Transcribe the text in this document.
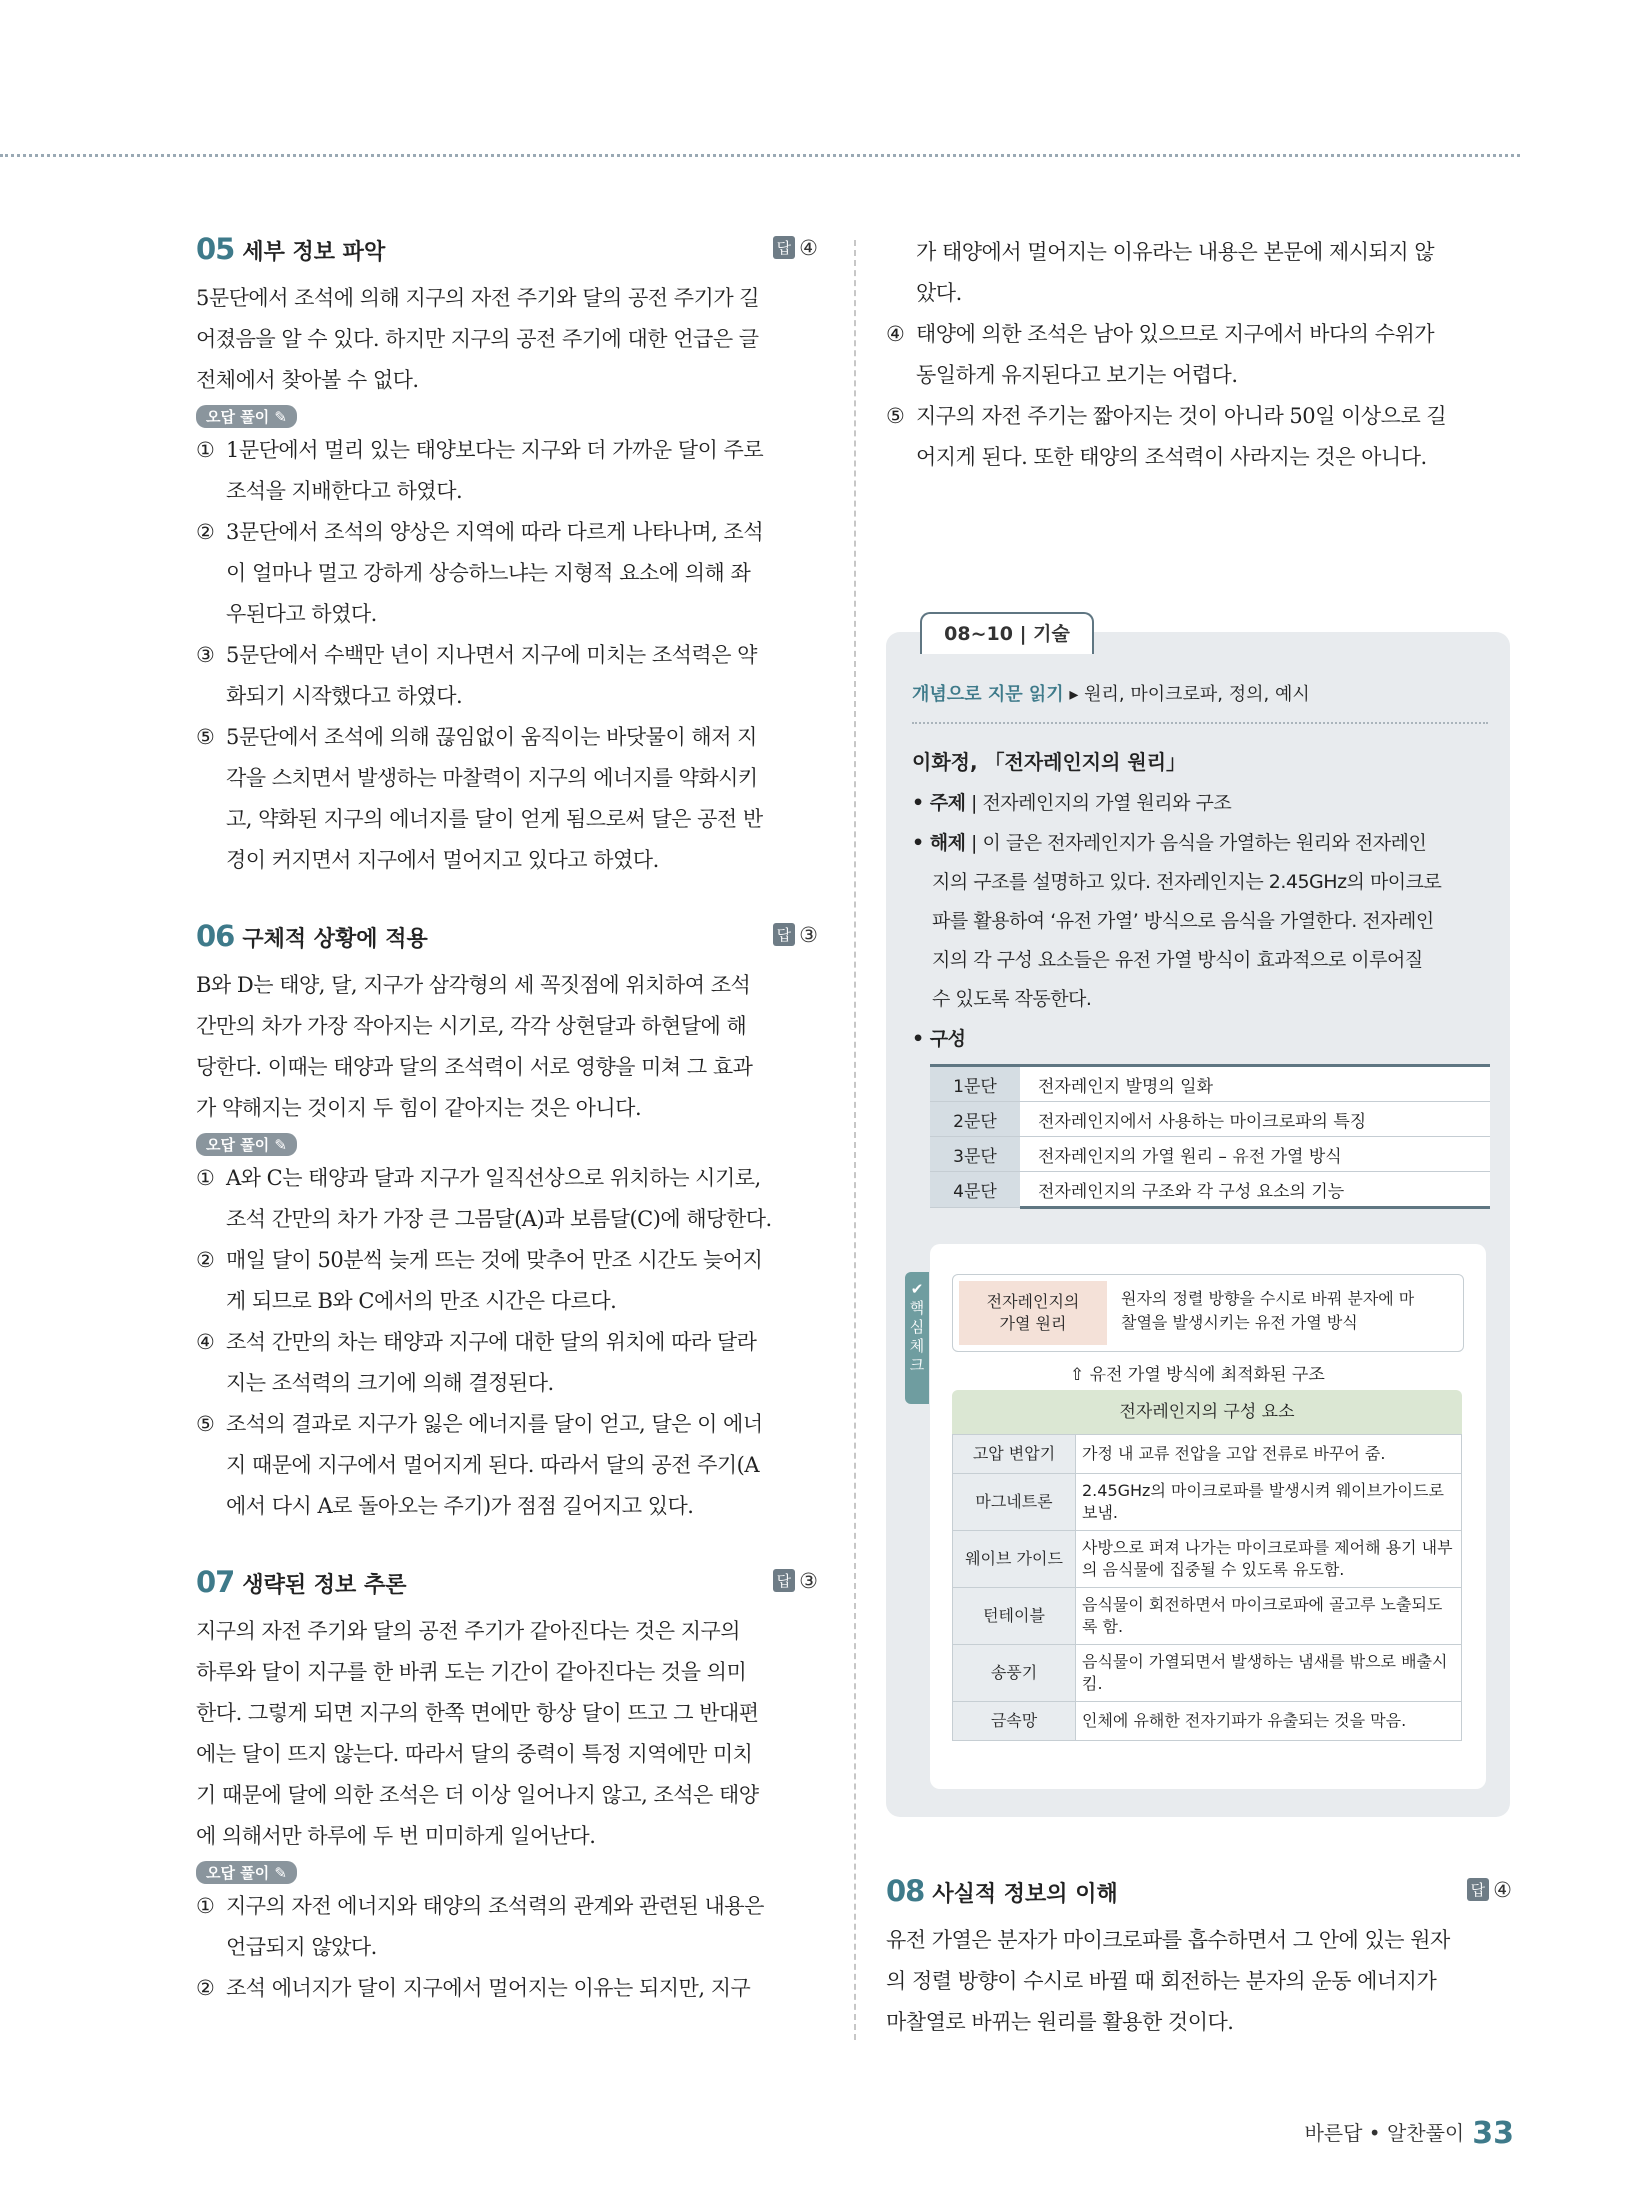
05 세부 정보 파악	답 ④

5문단에서 조석에 의해 지구의 자전 주기와 달의 공전 주기가 길

어졌음을 알 수 있다. 하지만 지구의 공전 주기에 대한 언급은 글

전체에서 찾아볼 수 없다.

오답 풀이 ✎
① 1문단에서 멀리 있는 태양보다는 지구와 더 가까운 달이 주로
조석을 지배한다고 하였다.
② 3문단에서 조석의 양상은 지역에 따라 다르게 나타나며, 조석
이 얼마나 멀고 강하게 상승하느냐는 지형적 요소에 의해 좌
우된다고 하였다.
③ 5문단에서 수백만 년이 지나면서 지구에 미치는 조석력은 약
화되기 시작했다고 하였다.
⑤ 5문단에서 조석에 의해 끊임없이 움직이는 바닷물이 해저 지
각을 스치면서 발생하는 마찰력이 지구의 에너지를 약화시키
고, 약화된 지구의 에너지를 달이 얻게 됨으로써 달은 공전 반
경이 커지면서 지구에서 멀어지고 있다고 하였다.
06 구체적 상황에 적용	답 ③

B와 D는 태양, 달, 지구가 삼각형의 세 꼭짓점에 위치하여 조석

간만의 차가 가장 작아지는 시기로, 각각 상현달과 하현달에 해

당한다. 이때는 태양과 달의 조석력이 서로 영향을 미쳐 그 효과

가 약해지는 것이지 두 힘이 같아지는 것은 아니다.

오답 풀이 ✎
① A와 C는 태양과 달과 지구가 일직선상으로 위치하는 시기로,
조석 간만의 차가 가장 큰 그믐달(A)과 보름달(C)에 해당한다.
② 매일 달이 50분씩 늦게 뜨는 것에 맞추어 만조 시간도 늦어지
게 되므로 B와 C에서의 만조 시간은 다르다.
④ 조석 간만의 차는 태양과 지구에 대한 달의 위치에 따라 달라
지는 조석력의 크기에 의해 결정된다.
⑤ 조석의 결과로 지구가 잃은 에너지를 달이 얻고, 달은 이 에너
지 때문에 지구에서 멀어지게 된다. 따라서 달의 공전 주기(A
에서 다시 A로 돌아오는 주기)가 점점 길어지고 있다.
07 생략된 정보 추론	답 ③

지구의 자전 주기와 달의 공전 주기가 같아진다는 것은 지구의

하루와 달이 지구를 한 바퀴 도는 기간이 같아진다는 것을 의미

한다. 그렇게 되면 지구의 한쪽 면에만 항상 달이 뜨고 그 반대편

에는 달이 뜨지 않는다. 따라서 달의 중력이 특정 지역에만 미치

기 때문에 달에 의한 조석은 더 이상 일어나지 않고, 조석은 태양

에 의해서만 하루에 두 번 미미하게 일어난다.

오답 풀이 ✎
① 지구의 자전 에너지와 태양의 조석력의 관계와 관련된 내용은
언급되지 않았다.
② 조석 에너지가 달이 지구에서 멀어지는 이유는 되지만, 지구
가 태양에서 멀어지는 이유라는 내용은 본문에 제시되지 않
았다.
④ 태양에 의한 조석은 남아 있으므로 지구에서 바다의 수위가
동일하게 유지된다고 보기는 어렵다.
⑤ 지구의 자전 주기는 짧아지는 것이 아니라 50일 이상으로 길
어지게 된다. 또한 태양의 조석력이 사라지는 것은 아니다.
08~10 | 기술
개념으로 지문 읽기 ▸ 원리, 마이크로파, 정의, 예시
이화정, 「전자레인지의 원리」
• 주제 | 전자레인지의 가열 원리와 구조
• 해제 | 이 글은 전자레인지가 음식을 가열하는 원리와 전자레인
지의 구조를 설명하고 있다. 전자레인지는 2.45GHz의 마이크로
파를 활용하여 ‘유전 가열’ 방식으로 음식을 가열한다. 전자레인
지의 각 구성 요소들은 유전 가열 방식이 효과적으로 이루어질
수 있도록 작동한다.
• 구성
1문단	전자레인지 발명의 일화
2문단	전자레인지에서 사용하는 마이크로파의 특징
3문단	전자레인지의 가열 원리 – 유전 가열 방식
4문단	전자레인지의 구조와 각 구성 요소의 기능
✔
핵
심
체
크
전자레인지의
가열 원리
원자의 정렬 방향을 수시로 바꿔 분자에 마
찰열을 발생시키는 유전 가열 방식
⇧ 유전 가열 방식에 최적화된 구조
전자레인지의 구성 요소
고압 변압기	가정 내 교류 전압을 고압 전류로 바꾸어 줌.
마그네트론	2.45GHz의 마이크로파를 발생시켜 웨이브가이드로 보냄.
웨이브 가이드	사방으로 퍼져 나가는 마이크로파를 제어해 용기 내부의 음식물에 집중될 수 있도록 유도함.
턴테이블	음식물이 회전하면서 마이크로파에 골고루 노출되도록 함.
송풍기	음식물이 가열되면서 발생하는 냄새를 밖으로 배출시킴.
금속망	인체에 유해한 전자기파가 유출되는 것을 막음.
08 사실적 정보의 이해	답 ④

유전 가열은 분자가 마이크로파를 흡수하면서 그 안에 있는 원자

의 정렬 방향이 수시로 바뀔 때 회전하는 분자의 운동 에너지가

마찰열로 바뀌는 원리를 활용한 것이다.

바른답 • 알찬풀이 33
